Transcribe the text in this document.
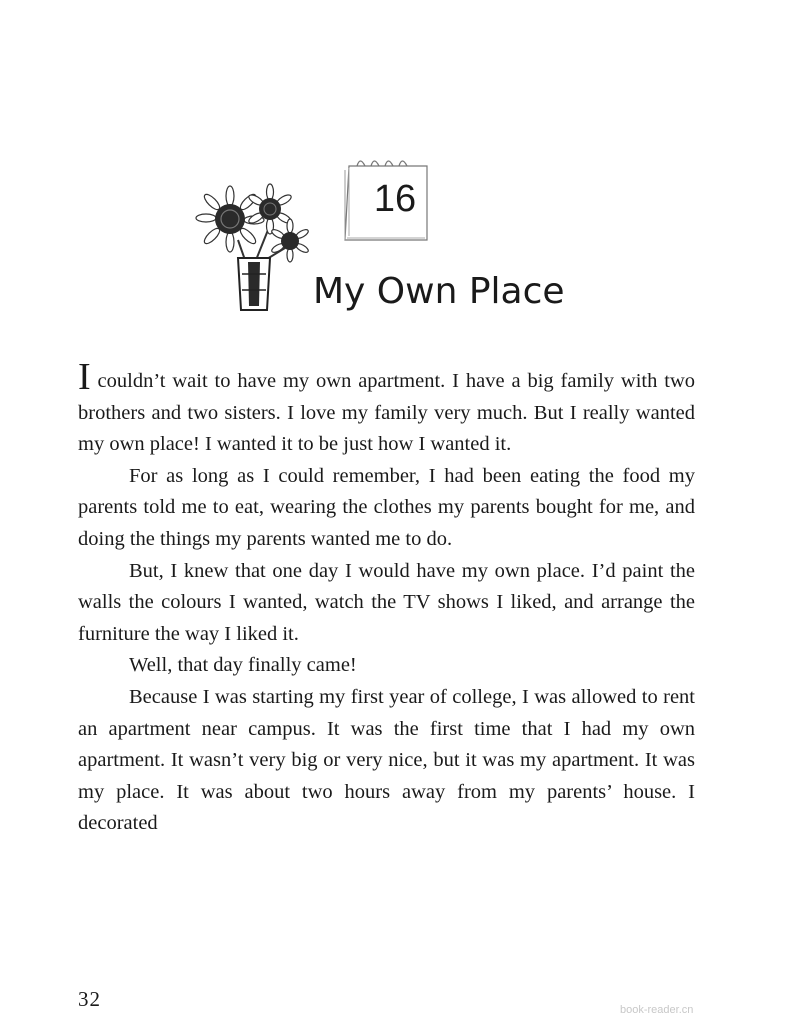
16
My Own Place

I couldn’t wait to have my own apartment. I have a big family with two brothers and two sisters. I love my family very much. But I really wanted my own place! I wanted it to be just how I wanted it.

For as long as I could remember, I had been eating the food my parents told me to eat, wearing the clothes my parents bought for me, and doing the things my parents wanted me to do.

But, I knew that one day I would have my own place. I’d paint the walls the colours I wanted, watch the TV shows I liked, and arrange the furniture the way I liked it.

Well, that day finally came!

Because I was starting my first year of college, I was allowed to rent an apartment near campus. It was the first time that I had my own apartment. It wasn’t very big or very nice, but it was my apartment. It was my place. It was about two hours away from my parents’ house. I decorated

32	book-reader.cn
